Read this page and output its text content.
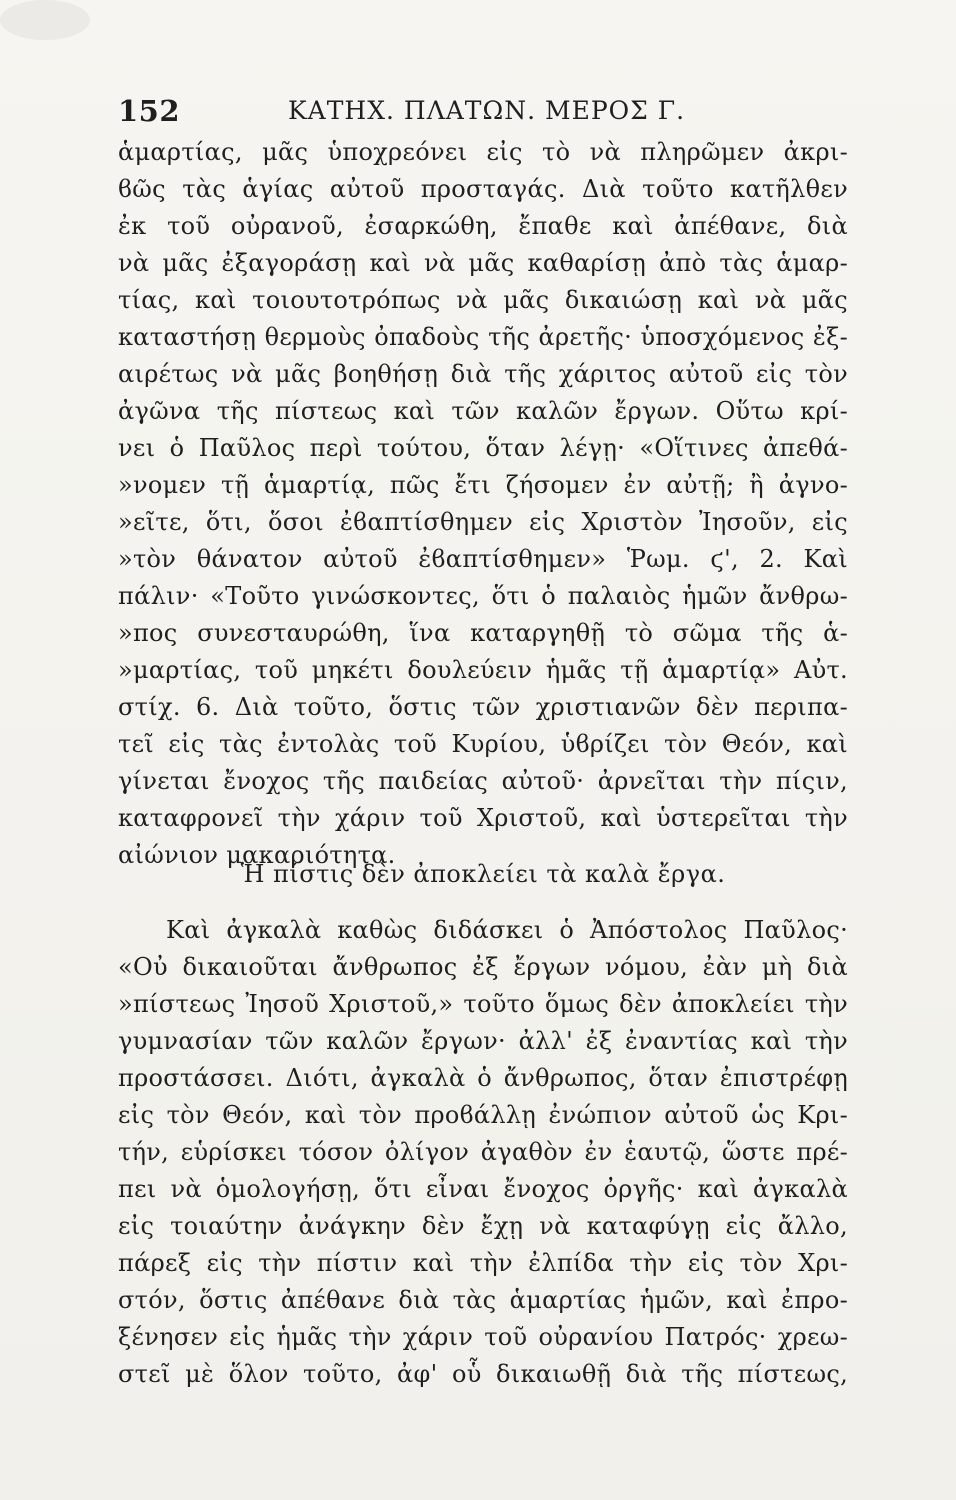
152	ΚΑΤΗΧ. ΠΛΑΤΩΝ. ΜΕΡΟΣ Γ.
ἁμαρτίας, μᾶς ὑποχρεόνει εἰς τὸ νὰ πληρῶμεν ἀκρι-
ϐῶς τὰς ἁγίας αὐτοῦ προσταγάς. Διὰ τοῦτο κατῆλθεν
ἐκ τοῦ οὐρανοῦ, ἐσαρκώθη, ἔπαθε καὶ ἀπέθανε, διὰ
νὰ μᾶς ἐξαγοράσῃ καὶ νὰ μᾶς καθαρίσῃ ἀπὸ τὰς ἁμαρ-
τίας, καὶ τοιουτοτρόπως νὰ μᾶς δικαιώσῃ καὶ νὰ μᾶς
καταστήσῃ θερμοὺς ὀπαδοὺς τῆς ἀρετῆς· ὑποσχόμενος ἐξ-
αιρέτως νὰ μᾶς βοηθήσῃ διὰ τῆς χάριτος αὐτοῦ εἰς τὸν
ἀγῶνα τῆς πίστεως καὶ τῶν καλῶν ἔργων. Οὕτω κρί-
νει ὁ Παῦλος περὶ τούτου, ὅταν λέγῃ· «Οἵτινες ἀπεθά-
»νομεν τῇ ἁμαρτίᾳ, πῶς ἔτι ζήσομεν ἐν αὐτῇ; ἢ ἀγνο-
»εῖτε, ὅτι, ὅσοι ἐϐαπτίσθημεν εἰς Χριστὸν Ἰησοῦν, εἰς
»τὸν θάνατον αὐτοῦ ἐϐαπτίσθημεν» Ῥωμ. ϛ', 2. Καὶ
πάλιν· «Τοῦτο γινώσκοντες, ὅτι ὁ παλαιὸς ἡμῶν ἄνθρω-
»πος συνεσταυρώθη, ἵνα καταργηθῇ τὸ σῶμα τῆς ἁ-
»μαρτίας, τοῦ μηκέτι δουλεύειν ἡμᾶς τῇ ἁμαρτίᾳ» Αὐτ.
στίχ. 6. Διὰ τοῦτο, ὅστις τῶν χριστιανῶν δὲν περιπα-
τεῖ εἰς τὰς ἐντολὰς τοῦ Κυρίου, ὑϐρίζει τὸν Θεόν, καὶ
γίνεται ἔνοχος τῆς παιδείας αὐτοῦ· ἀρνεῖται τὴν πίςιν,
καταφρονεῖ τὴν χάριν τοῦ Χριστοῦ, καὶ ὑστερεῖται τὴν
αἰώνιον μακαριότητα.
Ἡ πίστις δὲν ἀποκλείει τὰ καλὰ ἔργα.
Καὶ ἀγκαλὰ καθὼς διδάσκει ὁ Ἀπόστολος Παῦλος·
«Οὐ δικαιοῦται ἄνθρωπος ἐξ ἔργων νόμου, ἐὰν μὴ διὰ
»πίστεως Ἰησοῦ Χριστοῦ,» τοῦτο ὅμως δὲν ἀποκλείει τὴν
γυμνασίαν τῶν καλῶν ἔργων· ἀλλ' ἐξ ἐναντίας καὶ τὴν
προστάσσει. Διότι, ἀγκαλὰ ὁ ἄνθρωπος, ὅταν ἐπιστρέφῃ
εἰς τὸν Θεόν, καὶ τὸν προϐάλλῃ ἐνώπιον αὐτοῦ ὡς Κρι-
τήν, εὑρίσκει τόσον ὀλίγον ἀγαθὸν ἐν ἑαυτῷ, ὥστε πρέ-
πει νὰ ὁμολογήσῃ, ὅτι εἶναι ἔνοχος ὀργῆς· καὶ ἀγκαλὰ
εἰς τοιαύτην ἀνάγκην δὲν ἔχῃ νὰ καταφύγῃ εἰς ἄλλο,
πάρεξ εἰς τὴν πίστιν καὶ τὴν ἐλπίδα τὴν εἰς τὸν Χρι-
στόν, ὅστις ἀπέθανε διὰ τὰς ἁμαρτίας ἡμῶν, καὶ ἐπρο-
ξένησεν εἰς ἡμᾶς τὴν χάριν τοῦ οὐρανίου Πατρός· χρεω-
στεῖ μὲ ὅλον τοῦτο, ἀφ' οὗ δικαιωθῇ διὰ τῆς πίστεως,
